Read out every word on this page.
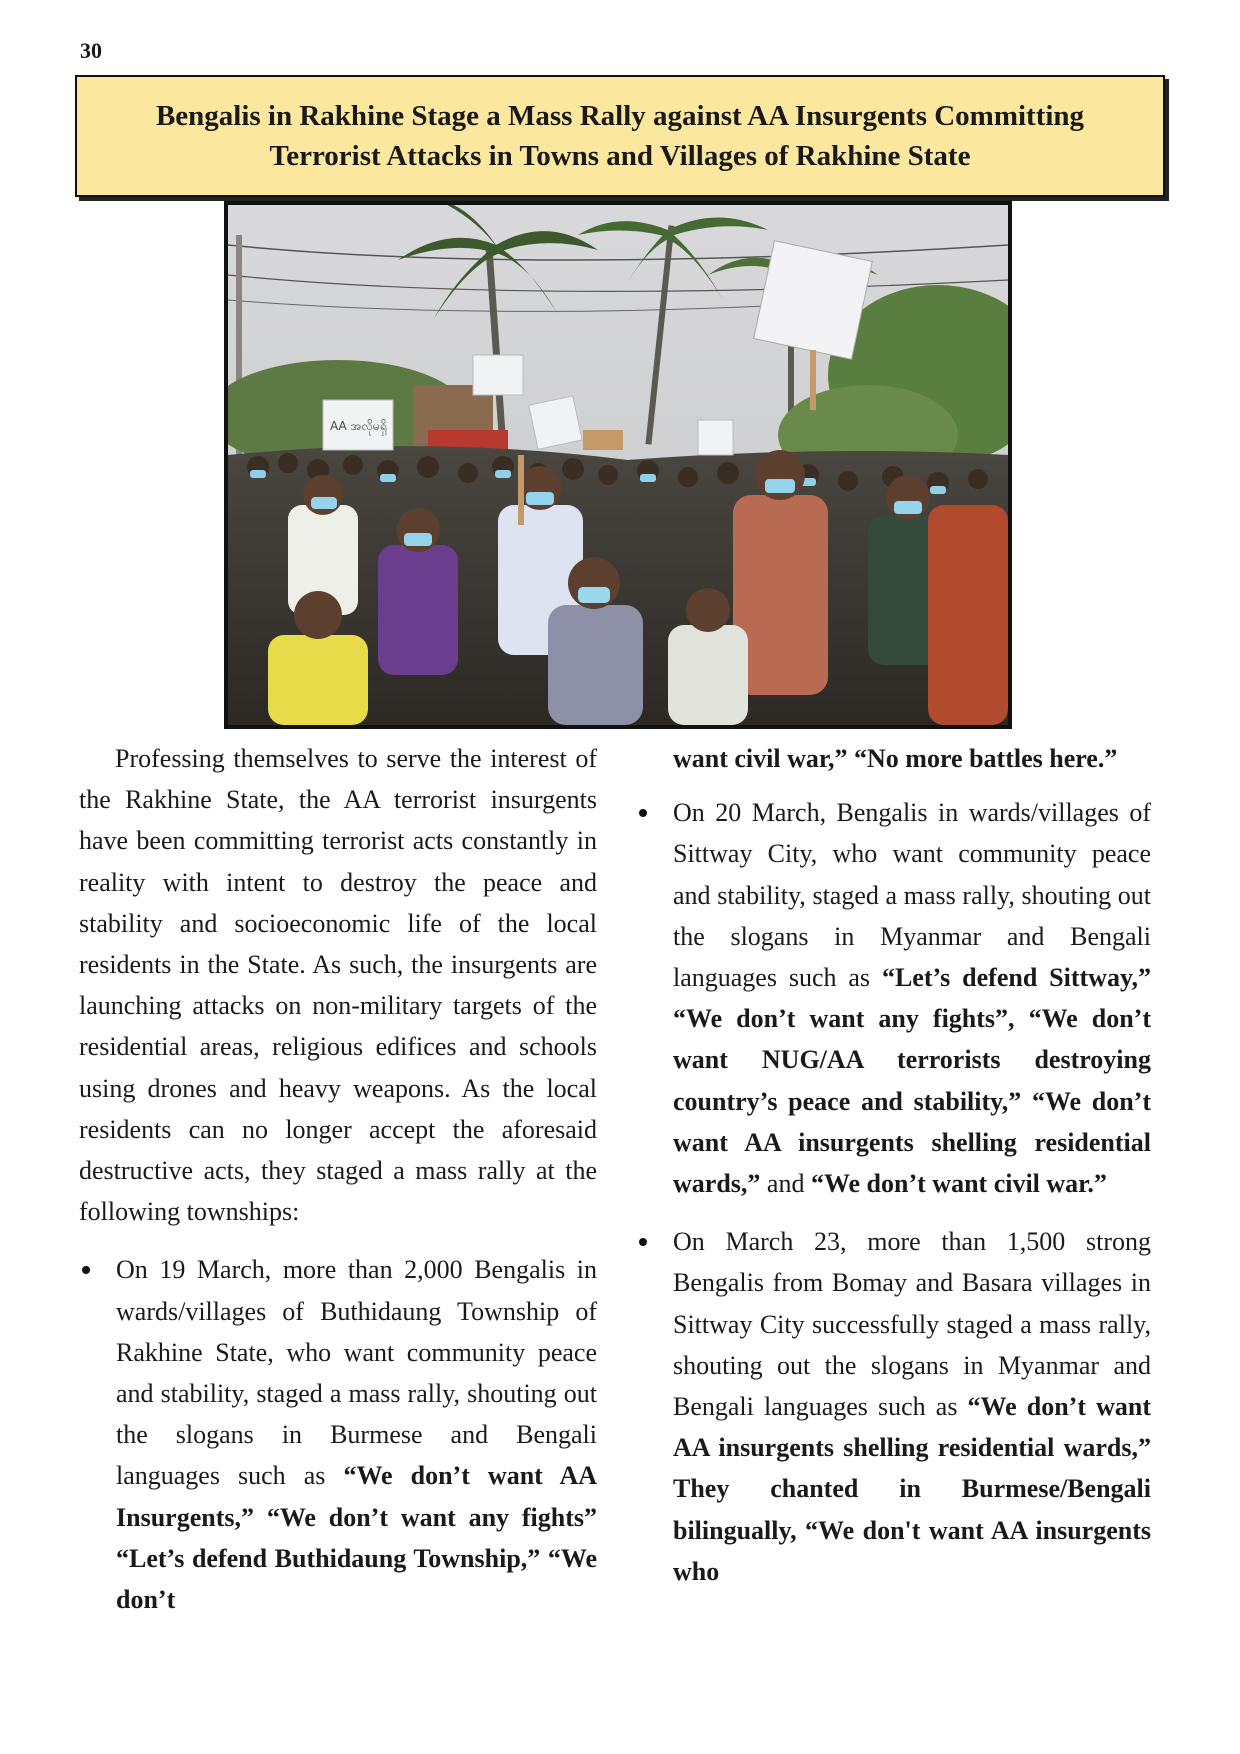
30
Bengalis in Rakhine Stage a Mass Rally against AA Insurgents Committing
Terrorist Attacks in Towns and Villages of Rakhine State
AA အလိုမရှိ

Professing themselves to serve the interest of the Rakhine State, the AA terrorist insurgents have been committing terrorist acts constantly in reality with intent to destroy the peace and stability and socioeconomic life of the local residents in the State. As such, the insurgents are launching attacks on non-military targets of the residential areas, religious edifices and schools using drones and heavy weapons. As the local residents can no longer accept the aforesaid destructive acts, they staged a mass rally at the following townships:

On 19 March, more than 2,000 Bengalis in wards/villages of Buthidaung Township of Rakhine State, who want community peace and stability, staged a mass rally, shouting out the slogans in Burmese and Bengali languages such as “We don’t want AA Insurgents,” “We don’t want any fights” “Let’s defend Buthidaung Township,” “We don’t

want civil war,” “No more battles here.”

On 20 March, Bengalis in wards/villages of Sittway City, who want community peace and stability, staged a mass rally, shouting out the slogans in Myanmar and Bengali languages such as “Let’s defend Sittway,” “We don’t want any fights”, “We don’t want NUG/AA terrorists destroying country’s peace and stability,” “We don’t want AA insurgents shelling residential wards,” and “We don’t want civil war.”
On March 23, more than 1,500 strong Bengalis from Bomay and Basara villages in Sittway City successfully staged a mass rally, shouting out the slogans in Myanmar and Bengali languages such as “We don’t want AA insurgents shelling residential wards,” They chanted in Burmese/Bengali bilingually, “We don't want AA insurgents who
